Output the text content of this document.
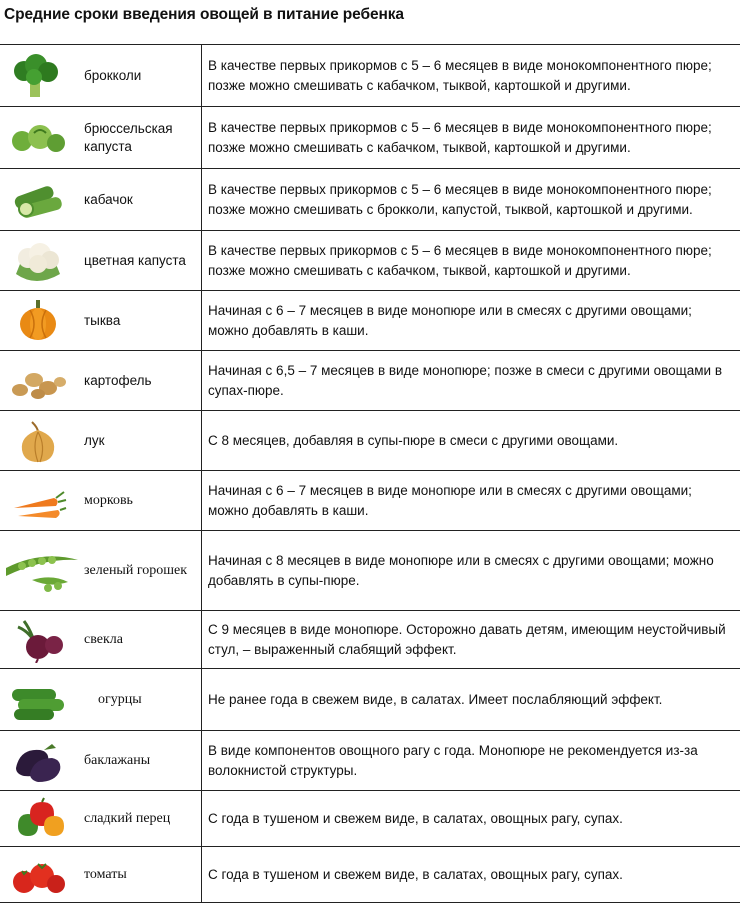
Средние сроки введения овощей в питание ребенка
брокколи	В качестве первых прикормов с 5 – 6 месяцев в виде монокомпонентного пюре; позже можно смешивать с кабачком, тыквой, картошкой и другими.

брюссельская капуста	В качестве первых прикормов с 5 – 6 месяцев в виде монокомпонентного пюре; позже можно смешивать с кабачком, тыквой, картошкой и другими.

кабачок	В качестве первых прикормов с 5 – 6 месяцев в виде монокомпонентного пюре; позже можно смешивать с брокколи, капустой, тыквой, картошкой и другими.

цветная капуста	В качестве первых прикормов с 5 – 6 месяцев в виде монокомпонентного пюре; позже можно смешивать с кабачком, тыквой, картошкой и другими.

тыква	Начиная с 6 – 7 месяцев в виде монопюре или в смесях с другими овощами; можно добавлять в каши.

картофель	Начиная с 6,5 – 7 месяцев в виде монопюре; позже в смеси с другими овощами в супах-пюре.

лук	С 8 месяцев, добавляя в супы-пюре в смеси с другими овощами.

морковь	Начиная с 6 – 7 месяцев в виде монопюре или в смесях с другими овощами; можно добавлять в каши.

зеленый горошек	Начиная с 8 месяцев в виде монопюре или в смесях с другими овощами; можно добавлять в супы-пюре.

свекла	С 9 месяцев в виде монопюре. Осторожно давать детям, имеющим неустойчивый стул, – выраженный слабящий эффект.

огурцы	Не ранее года в свежем виде, в салатах. Имеет послабляющий эффект.

баклажаны	В виде компонентов овощного рагу с года. Монопюре не рекомендуется из-за волокнистой структуры.

сладкий перец	С года в тушеном и свежем виде, в салатах, овощных рагу, супах.

томаты	С года в тушеном и свежем виде, в салатах, овощных рагу, супах.
